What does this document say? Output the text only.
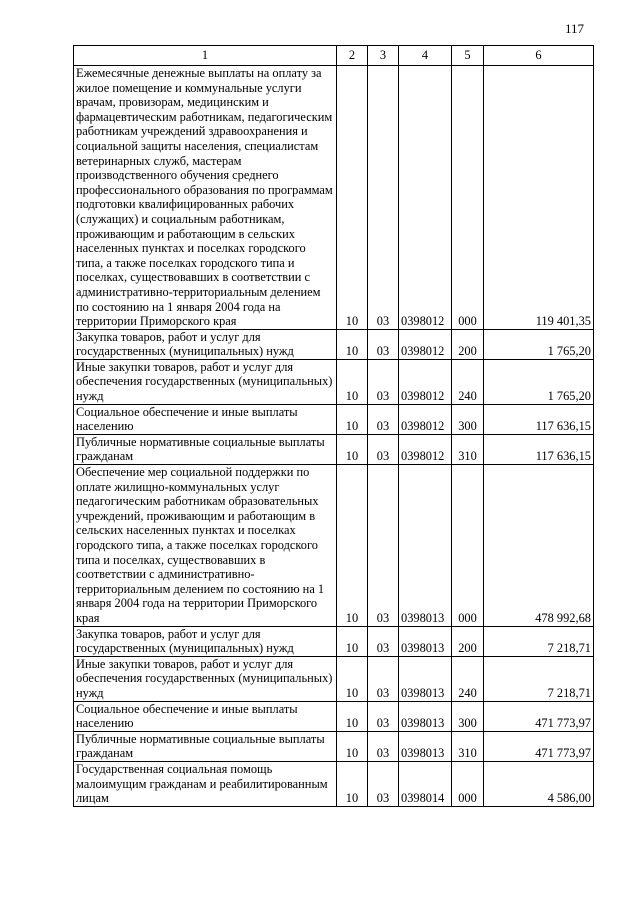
117
1	2	3	4	5	6
Ежемесячные денежные выплаты на оплату за жилое помещение и коммунальные услуги врачам, провизорам, медицинским и фармацевтическим работникам, педагогическим работникам учреждений здравоохранения и социальной защиты населения, специалистам ветеринарных служб, мастерам производственного обучения среднего профессионального образования по программам подготовки квалифицированных рабочих (служащих) и социальным работникам, проживающим и работающим в сельских населенных пунктах и поселках городского типа, а также поселках городского типа и поселках, существовавших в соответствии с административно-территориальным делением по состоянию на 1 января 2004 года на территории Приморского края	10	03	0398012	000	119 401,35
Закупка товаров, работ и услуг для государственных (муниципальных) нужд	10	03	0398012	200	1 765,20
Иные закупки товаров, работ и услуг для обеспечения государственных (муниципальных) нужд	10	03	0398012	240	1 765,20
Социальное обеспечение и иные выплаты населению	10	03	0398012	300	117 636,15
Публичные нормативные социальные выплаты гражданам	10	03	0398012	310	117 636,15
Обеспечение мер социальной поддержки по оплате жилищно-коммунальных услуг педагогическим работникам образовательных учреждений, проживающим и работающим в сельских населенных пунктах и поселках городского типа, а также поселках городского типа и поселках, существовавших в соответствии с административно-территориальным делением по состоянию на 1 января 2004 года на территории Приморского края	10	03	0398013	000	478 992,68
Закупка товаров, работ и услуг для государственных (муниципальных) нужд	10	03	0398013	200	7 218,71
Иные закупки товаров, работ и услуг для обеспечения государственных (муниципальных) нужд	10	03	0398013	240	7 218,71
Социальное обеспечение и иные выплаты населению	10	03	0398013	300	471 773,97
Публичные нормативные социальные выплаты гражданам	10	03	0398013	310	471 773,97
Государственная социальная помощь малоимущим гражданам и реабилитированным лицам	10	03	0398014	000	4 586,00
